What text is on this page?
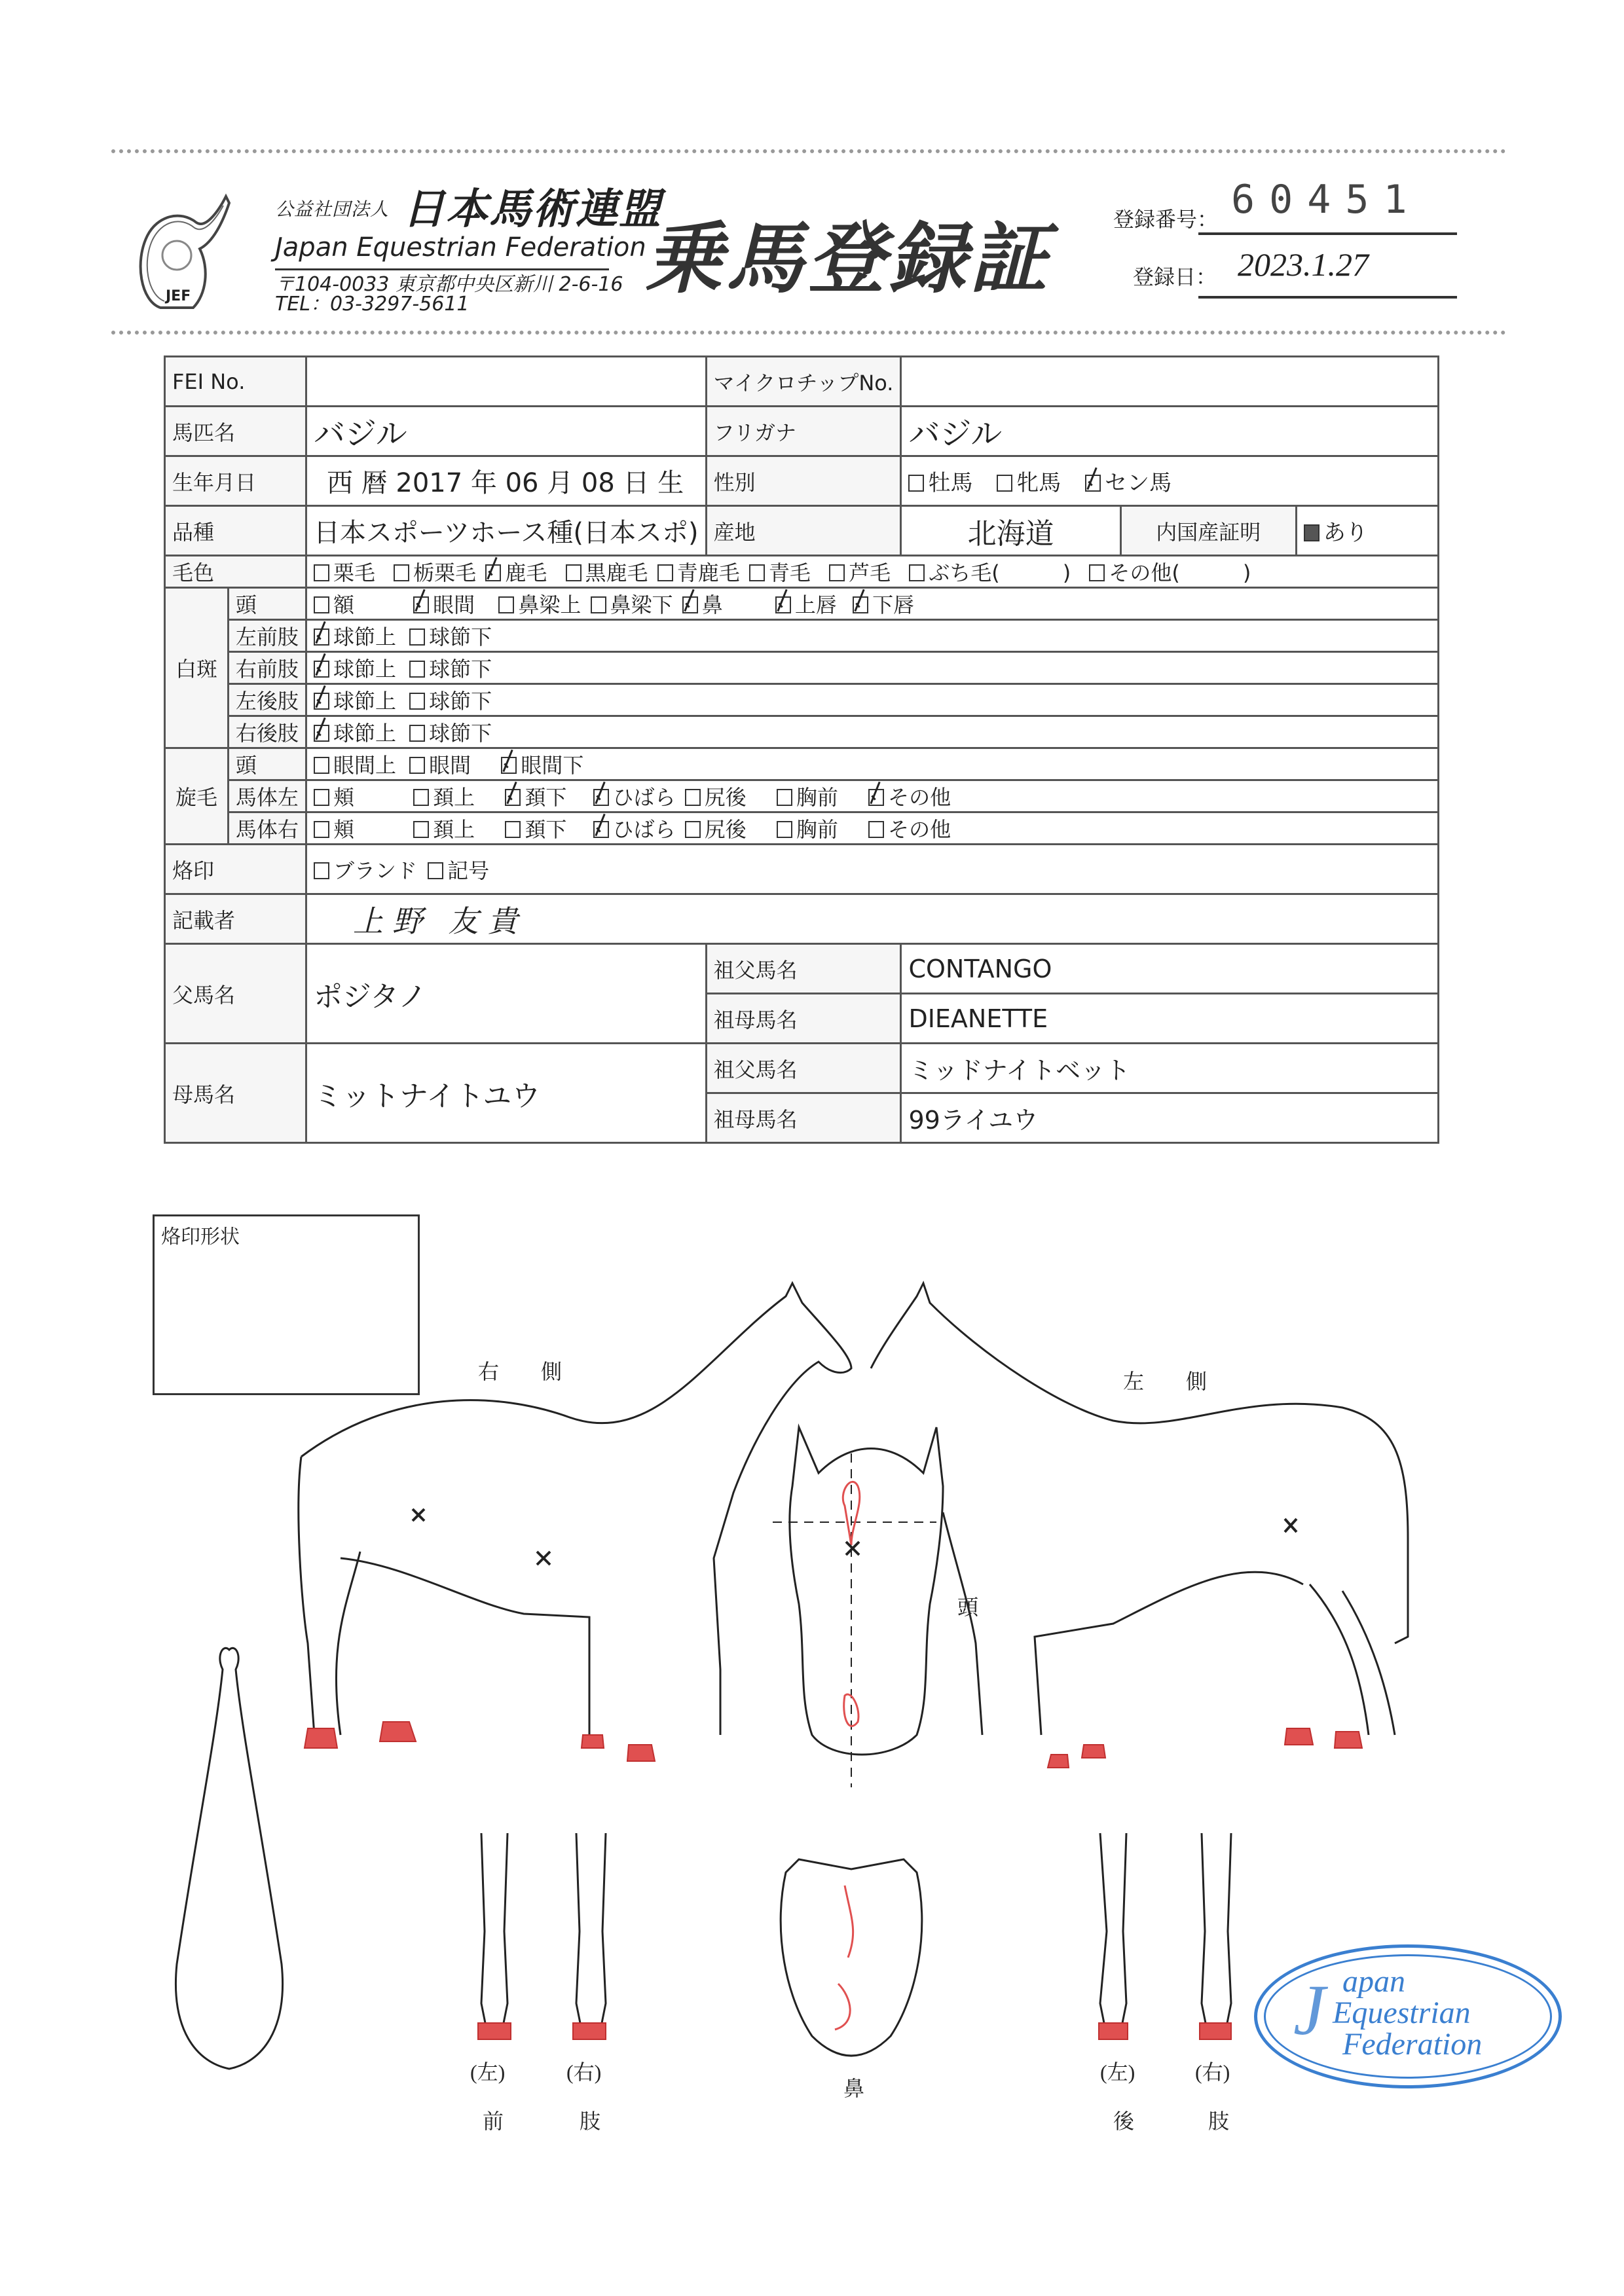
JEF
公益社団法人 日本馬術連盟
Japan Equestrian Federation
〒104-0033 東京都中央区新川 2-6-16
TEL：03-3297-5611
乗馬登録証	登録番号： 60451
登録日： 2023.1.27
FEI No.			マイクロチップNo.			
馬匹名		バジル	フリガナ	バジル		
生年月日		西 暦 2017 年 06 月 08 日 生	性別	牡馬 牝馬 セン馬		
品種		日本スポーツホース種(日本スポ)	産地	北海道	内国産証明	あり
毛色		栗毛 栃栗毛 鹿毛 黒鹿毛 青鹿毛 青毛 芦毛 ぶち毛(　　　) その他(　　　)				
白斑	頭	額 眼間 鼻梁上 鼻梁下 鼻 上唇 下唇				
	左前肢	球節上 球節下				
	右前肢	球節上 球節下				
	左後肢	球節上 球節下				
	右後肢	球節上 球節下				
旋毛	頭	眼間上 眼間 眼間下				
	馬体左	頬 頚上 頚下 ひばら 尻後 胸前 その他				
	馬体右	頬 頚上 頚下 ひばら 尻後 胸前 その他				
烙印		ブランド 記号				
記載者		上野 友貴				
父馬名		ポジタノ	祖父馬名	CONTANGO		
			祖母馬名	DIEANETTE		
母馬名		ミットナイトユウ	祖父馬名	ミッドナイトベット		
			祖母馬名	99ライユウ		
烙印形状
右　　側	左　　側
頭
鼻
(左)	(右)
前	肢
(左)	(右)
後	肢
J apan
Equestrian
Federation
